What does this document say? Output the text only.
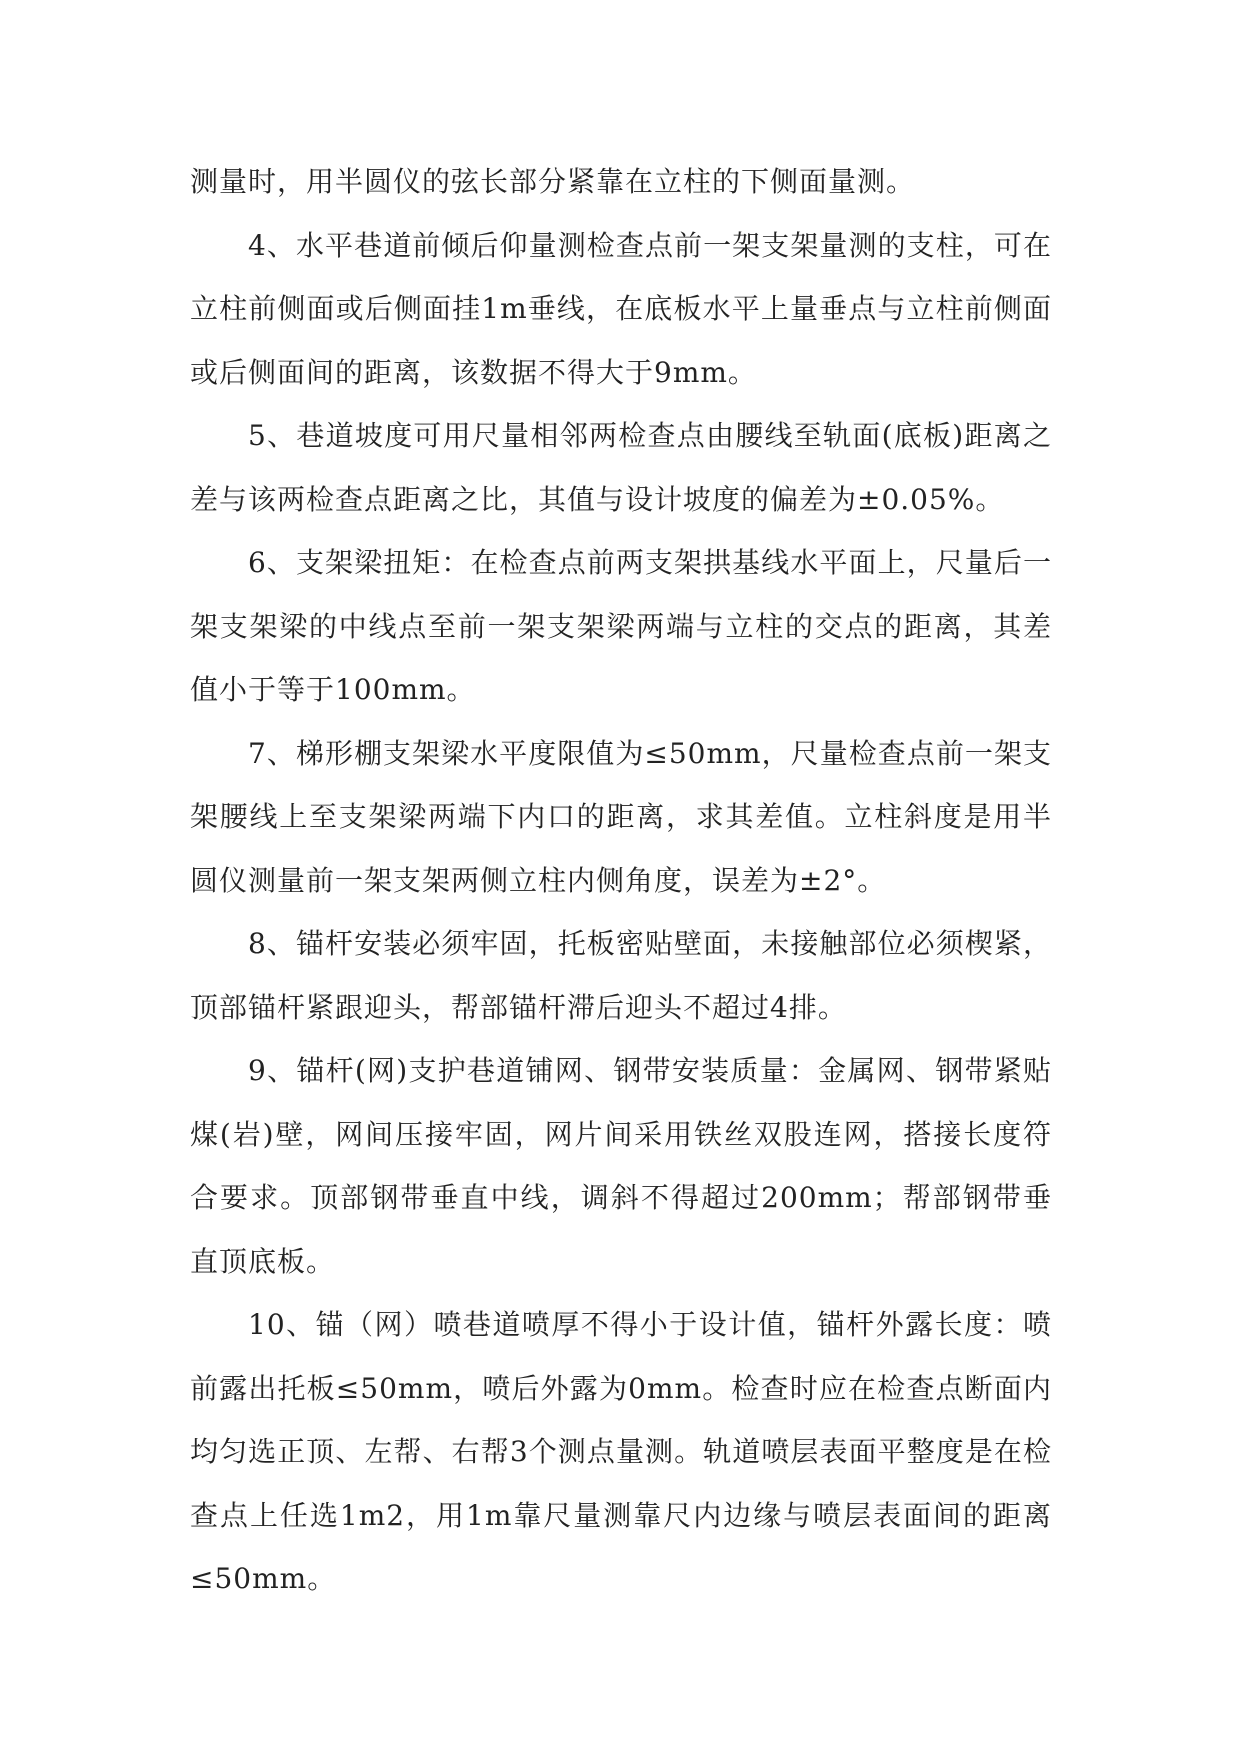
测量时，用半圆仪的弦长部分紧靠在立柱的下侧面量测。

4、水平巷道前倾后仰量测检查点前一架支架量测的支柱，可在立柱前侧面或后侧面挂1m垂线，在底板水平上量垂点与立柱前侧面或后侧面间的距离，该数据不得大于9mm。

5、巷道坡度可用尺量相邻两检查点由腰线至轨面(底板)距离之差与该两检查点距离之比，其值与设计坡度的偏差为±0.05%。

6、支架梁扭矩：在检查点前两支架拱基线水平面上，尺量后一架支架梁的中线点至前一架支架梁两端与立柱的交点的距离，其差值小于等于100mm。

7、梯形棚支架梁水平度限值为≤50mm，尺量检查点前一架支架腰线上至支架梁两端下内口的距离，求其差值。立柱斜度是用半圆仪测量前一架支架两侧立柱内侧角度，误差为±2°。

8、锚杆安装必须牢固，托板密贴壁面，未接触部位必须楔紧，顶部锚杆紧跟迎头，帮部锚杆滞后迎头不超过4排。

9、锚杆(网)支护巷道铺网、钢带安装质量：金属网、钢带紧贴煤(岩)壁，网间压接牢固，网片间采用铁丝双股连网，搭接长度符合要求。顶部钢带垂直中线，调斜不得超过200mm；帮部钢带垂直顶底板。

10、锚（网）喷巷道喷厚不得小于设计值，锚杆外露长度：喷前露出托板≤50mm，喷后外露为0mm。检查时应在检查点断面内均匀选正顶、左帮、右帮3个测点量测。轨道喷层表面平整度是在检查点上任选1m2，用1m靠尺量测靠尺内边缘与喷层表面间的距离≤50mm。
